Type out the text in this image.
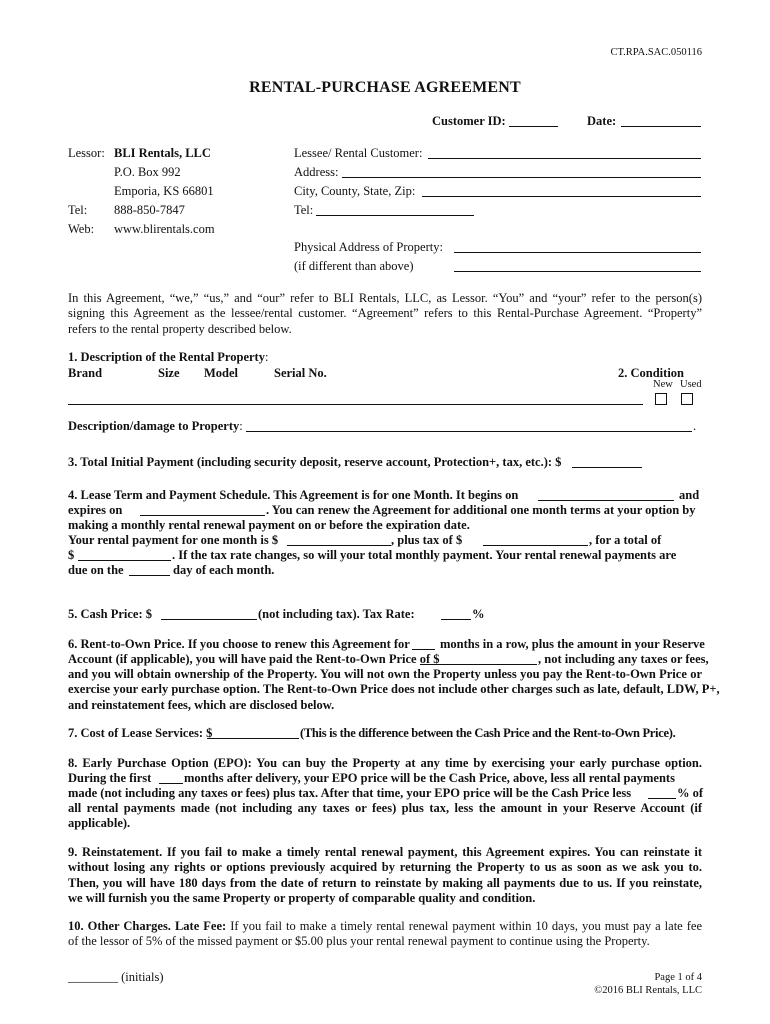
CT.RPA.SAC.050116
RENTAL-PURCHASE AGREEMENT
Customer ID:	Date:
Lessor: BLI Rentals, LLC
P.O. Box 992
Emporia, KS 66801
Tel: 888-850-7847
Web: www.blirentals.com
Lessee/ Rental Customer:
Address:
City, County, State, Zip:
Tel:
Physical Address of Property:
(if different than above)
In this Agreement, “we,” “us,” and “our” refer to BLI Rentals, LLC, as Lessor. “You” and “your” refer to the person(s)
signing this Agreement as the lessee/rental customer. “Agreement” refers to this Rental-Purchase Agreement. “Property”
refers to the rental property described below.
1. Description of the Rental Property:
Brand	Size Model	Serial No.	2. Condition
New Used
Description/damage to Property:	.
3. Total Initial Payment (including security deposit, reserve account, Protection+, tax, etc.): $
4. Lease Term and Payment Schedule. This Agreement is for one Month. It begins on	and
expires on	. You can renew the Agreement for additional one month terms at your option by
making a monthly rental renewal payment on or before the expiration date.
Your rental payment for one month is $	, plus tax of $	, for a total of
$	. If the tax rate changes, so will your total monthly payment. Your rental renewal payments are
due on the	day of each month.
5. Cash Price: $	(not including tax). Tax Rate:	%
6. Rent-to-Own Price. If you choose to renew this Agreement for months in a row, plus the amount in your Reserve
Account (if applicable), you will have paid the Rent-to-Own Price of $	, not including any taxes or fees,
and you will obtain ownership of the Property. You will not own the Property unless you pay the Rent-to-Own Price or
exercise your early purchase option. The Rent-to-Own Price does not include other charges such as late, default, LDW, P+,
and reinstatement fees, which are disclosed below.
7. Cost of Lease Services: $	(This is the difference between the Cash Price and the Rent-to-Own Price).
8. Early Purchase Option (EPO): You can buy the Property at any time by exercising your early purchase option.
During the first	months after delivery, your EPO price will be the Cash Price, above, less all rental payments
made (not including any taxes or fees) plus tax. After that time, your EPO price will be the Cash Price less	% of
all rental payments made (not including any taxes or fees) plus tax, less the amount in your Reserve Account (if
applicable).
9. Reinstatement. If you fail to make a timely rental renewal payment, this Agreement expires. You can reinstate it
without losing any rights or options previously acquired by returning the Property to us as soon as we ask you to.
Then, you will have 180 days from the date of return to reinstate by making all payments due to us. If you reinstate,
we will furnish you the same Property or property of comparable quality and condition.
10. Other Charges. Late Fee: If you fail to make a timely rental renewal payment within 10 days, you must pay a late fee
of the lessor of 5% of the missed payment or $5.00 plus your rental renewal payment to continue using the Property.
________ (initials)	Page 1 of 4
©2016 BLI Rentals, LLC
